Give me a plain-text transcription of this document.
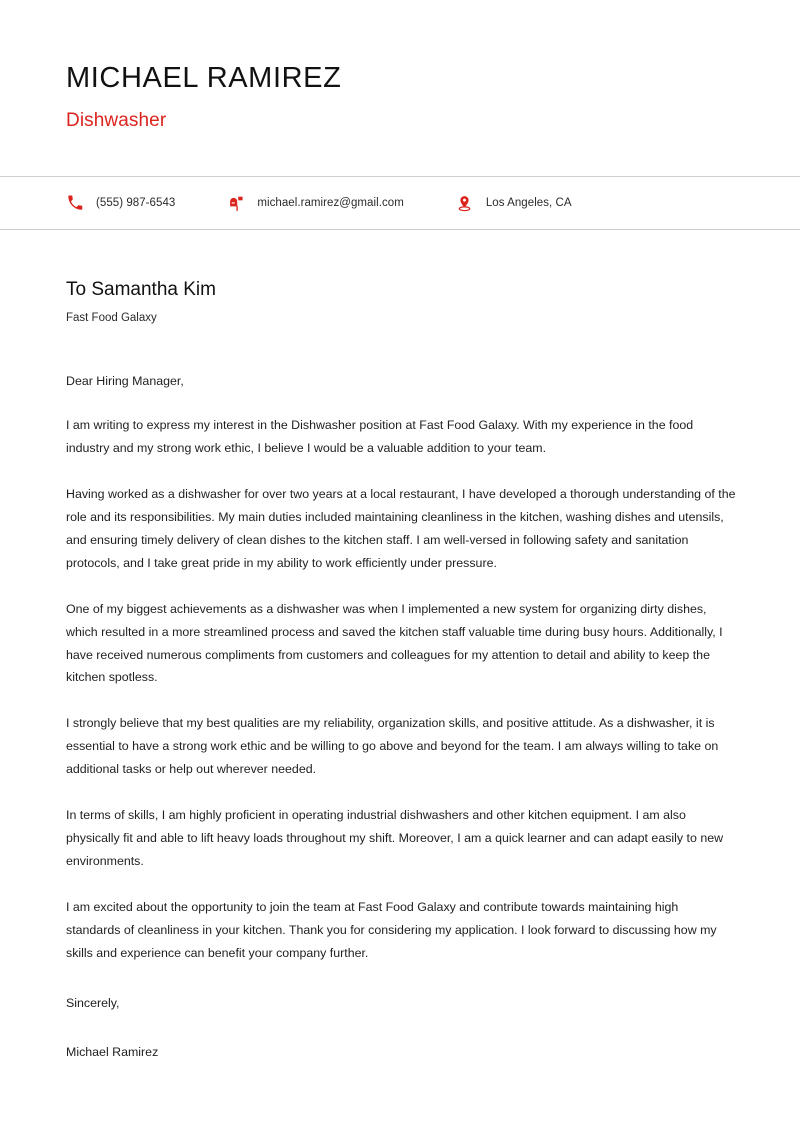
MICHAEL RAMIREZ
Dishwasher
(555) 987-6543	michael.ramirez@gmail.com	Los Angeles, CA
To Samantha Kim
Fast Food Galaxy

Dear Hiring Manager,

I am writing to express my interest in the Dishwasher position at Fast Food Galaxy. With my experience in the food industry and my strong work ethic, I believe I would be a valuable addition to your team.

Having worked as a dishwasher for over two years at a local restaurant, I have developed a thorough understanding of the role and its responsibilities. My main duties included maintaining cleanliness in the kitchen, washing dishes and utensils, and ensuring timely delivery of clean dishes to the kitchen staff. I am well-versed in following safety and sanitation protocols, and I take great pride in my ability to work efficiently under pressure.

One of my biggest achievements as a dishwasher was when I implemented a new system for organizing dirty dishes, which resulted in a more streamlined process and saved the kitchen staff valuable time during busy hours. Additionally, I have received numerous compliments from customers and colleagues for my attention to detail and ability to keep the kitchen spotless.

I strongly believe that my best qualities are my reliability, organization skills, and positive attitude. As a dishwasher, it is essential to have a strong work ethic and be willing to go above and beyond for the team. I am always willing to take on additional tasks or help out wherever needed.

In terms of skills, I am highly proficient in operating industrial dishwashers and other kitchen equipment. I am also physically fit and able to lift heavy loads throughout my shift. Moreover, I am a quick learner and can adapt easily to new environments.

I am excited about the opportunity to join the team at Fast Food Galaxy and contribute towards maintaining high standards of cleanliness in your kitchen. Thank you for considering my application. I look forward to discussing how my skills and experience can benefit your company further.

Sincerely,

Michael Ramirez
